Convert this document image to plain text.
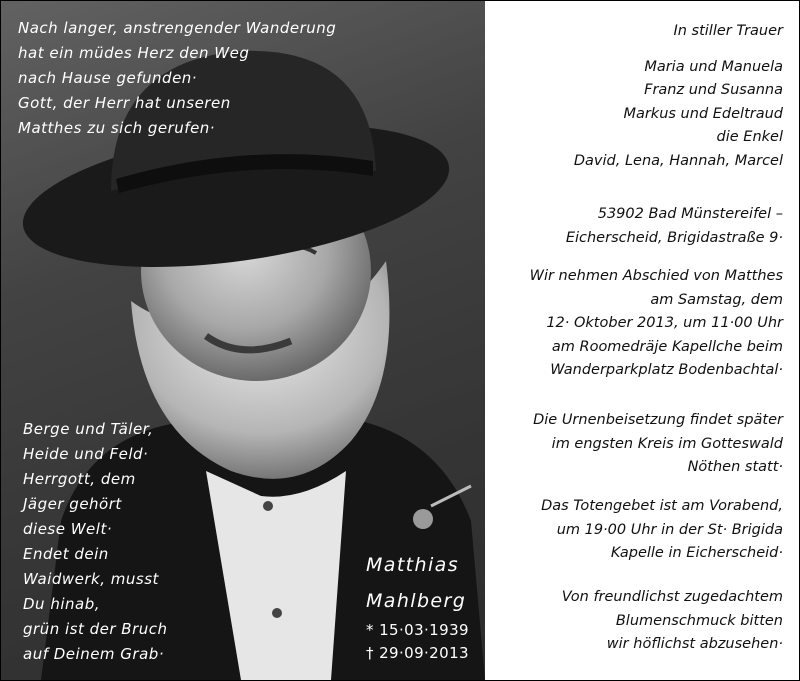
Nach langer, anstrengender Wanderung
hat ein müdes Herz den Weg
nach Hause gefunden·
Gott, der Herr hat unseren
Matthes zu sich gerufen·
Berge und Täler,
Heide und Feld·
Herrgott, dem
Jäger gehört
diese Welt·
Endet dein
Waidwerk, musst
Du hinab,
grün ist der Bruch
auf Deinem Grab·
Matthias
Mahlberg
* 15·03·1939
† 29·09·2013
In stiller Trauer
Maria und Manuela
Franz und Susanna
Markus und Edeltraud
die Enkel
David, Lena, Hannah, Marcel
53902 Bad Münstereifel –
Eicherscheid, Brigidastraße 9·
Wir nehmen Abschied von Matthes
am Samstag, dem
12· Oktober 2013, um 11·00 Uhr
am Roomedräje Kapellche beim
Wanderparkplatz Bodenbachtal·
Die Urnenbeisetzung findet später
im engsten Kreis im Gotteswald
Nöthen statt·
Das Totengebet ist am Vorabend,
um 19·00 Uhr in der St· Brigida
Kapelle in Eicherscheid·
Von freundlichst zugedachtem
Blumenschmuck bitten
wir höflichst abzusehen·
